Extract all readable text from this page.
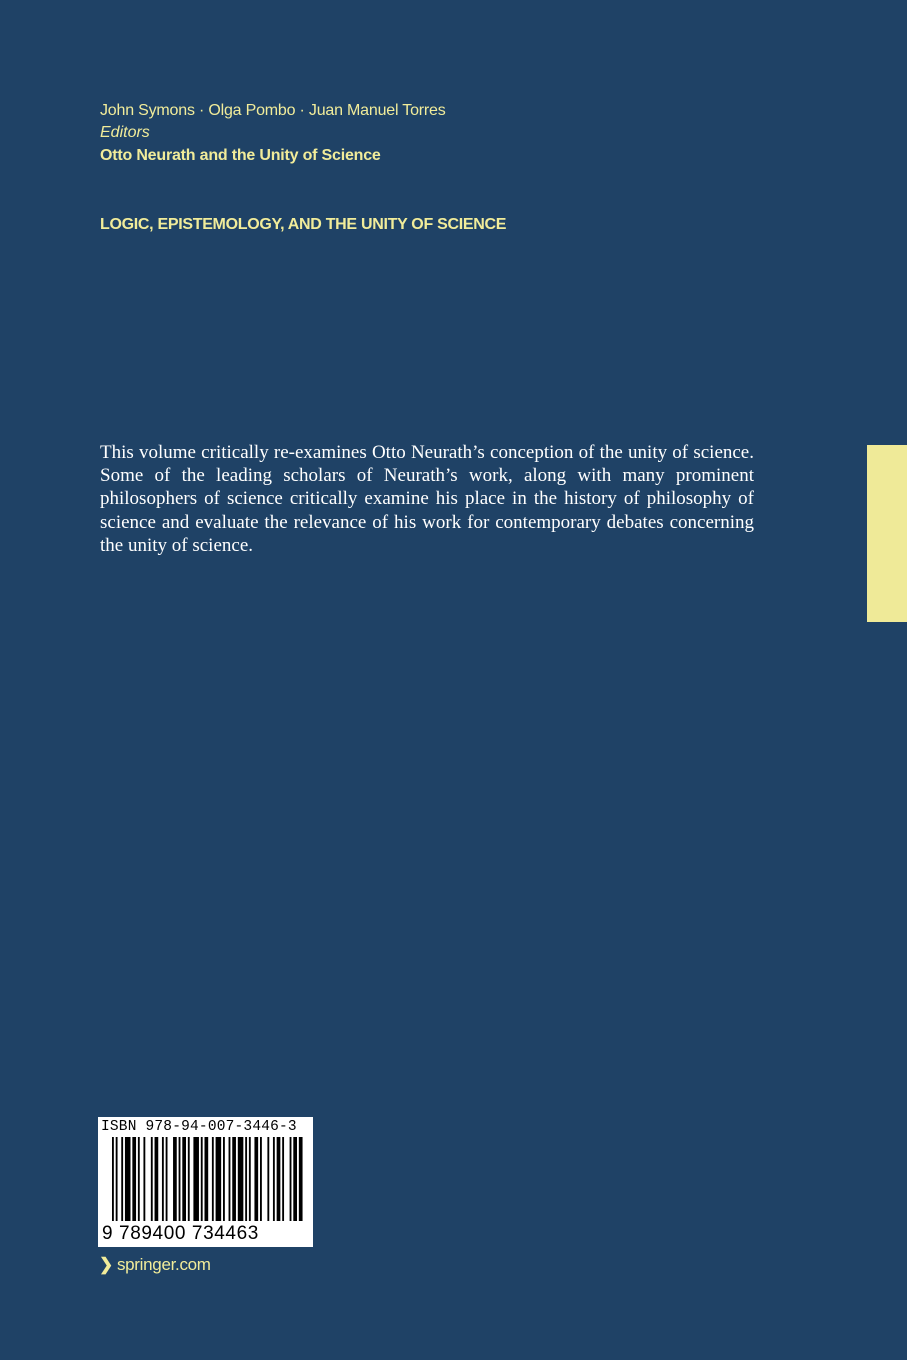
John Symons · Olga Pombo · Juan Manuel Torres
Editors
Otto Neurath and the Unity of Science
LOGIC, EPISTEMOLOGY, AND THE UNITY OF SCIENCE
This volume critically re-examines Otto Neurath’s conception of the unity of science. Some of the leading scholars of Neurath’s work, along with many prominent philosophers of science critically examine his place in the history of philosophy of science and evaluate the relevance of his work for contemporary debates concerning the unity of science.
ISBN 978-94-007-3446-3
9 789400 734463
❯ springer.com
